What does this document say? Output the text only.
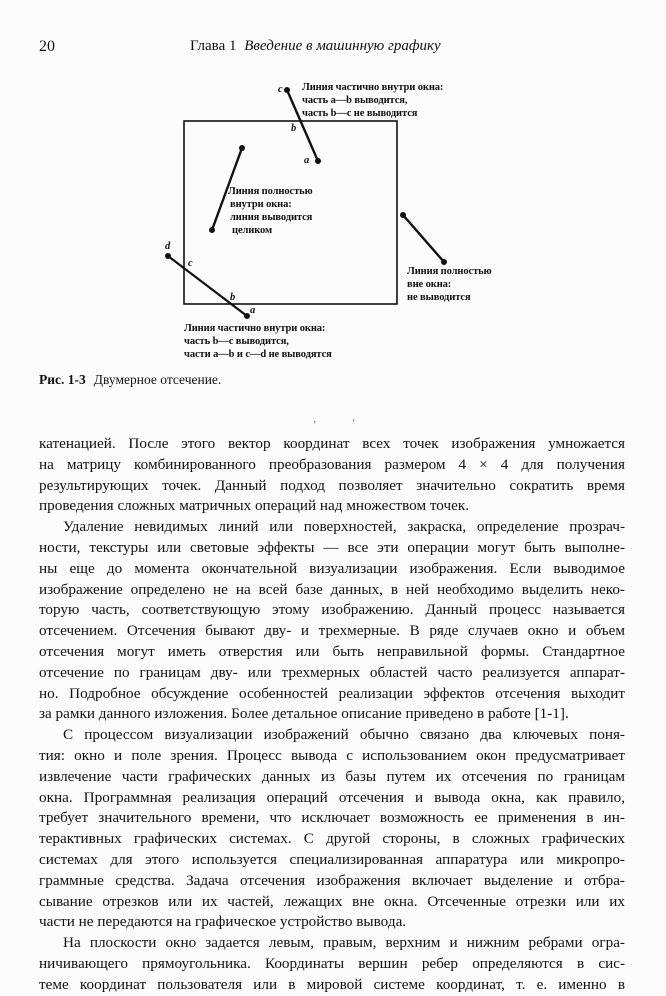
20	Глава 1 Введение в машинную графику
c
b
a
d
c
b
a
Линия частично внутри окна:
часть a—b выводится,
часть b—c не выводится
Линия полностью
внутри окна:
линия выводится
целиком
Линия полностью
вне окна:
не выводится
Линия частично внутри окна:
часть b—c выводится,
части a—b и c—d не выводятся
Рис. 1-3 Двумерное отсечение.
ʼ	ʻ
катенацией. После этого вектор координат всех точек изображения умножается
на матрицу комбинированного преобразования размером 4 × 4 для получения
результирующих точек. Данный подход позволяет значительно сократить время
проведения сложных матричных операций над множеством точек.
Удаление невидимых линий или поверхностей, закраска, определение прозрач-
ности, текстуры или световые эффекты — все эти операции могут быть выполне-
ны еще до момента окончательной визуализации изображения. Если выводимое
изображение определено не на всей базе данных, в ней необходимо выделить неко-
торую часть, соответствующую этому изображению. Данный процесс называется
отсечением. Отсечения бывают дву- и трехмерные. В ряде случаев окно и объем
отсечения могут иметь отверстия или быть неправильной формы. Стандартное
отсечение по границам дву- или трехмерных областей часто реализуется аппарат-
но. Подробное обсуждение особенностей реализации эффектов отсечения выходит
за рамки данного изложения. Более детальное описание приведено в работе [1-1].
С процессом визуализации изображений обычно связано два ключевых поня-
тия: окно и поле зрения. Процесс вывода с использованием окон предусматривает
извлечение части графических данных из базы путем их отсечения по границам
окна. Программная реализация операций отсечения и вывода окна, как правило,
требует значительного времени, что исключает возможность ее применения в ин-
терактивных графических системах. С другой стороны, в сложных графических
системах для этого используется специализированная аппаратура или микропро-
граммные средства. Задача отсечения изображения включает выделение и отбра-
сывание отрезков или их частей, лежащих вне окна. Отсеченные отрезки или их
части не передаются на графическое устройство вывода.
На плоскости окно задается левым, правым, верхним и нижним ребрами огра-
ничивающего прямоугольника. Координаты вершин ребер определяются в сис-
теме координат пользователя или в мировой системе координат, т. е. именно в
